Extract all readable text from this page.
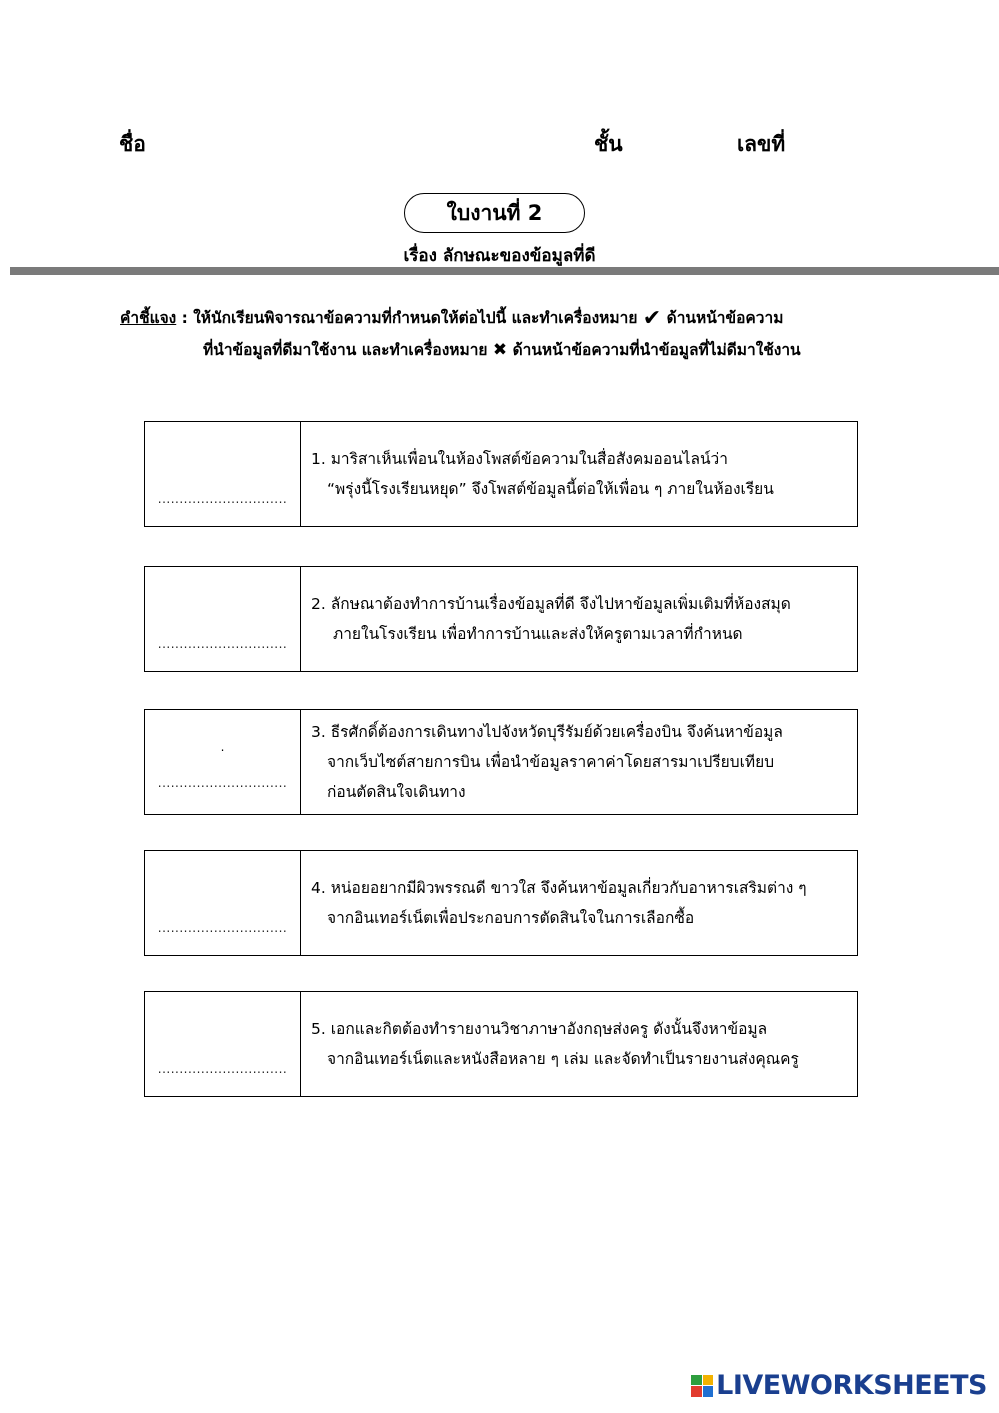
ชื่อ	ชั้น	เลขที่
ใบงานที่ 2
เรื่อง ลักษณะของข้อมูลที่ดี
คำชี้แจง : ให้นักเรียนพิจารณาข้อความที่กำหนดให้ต่อไปนี้ และทำเครื่องหมาย ✔ ด้านหน้าข้อความ
ที่นำข้อมูลที่ดีมาใช้งาน และทำเครื่องหมาย ✖ ด้านหน้าข้อความที่นำข้อมูลที่ไม่ดีมาใช้งาน
..............................
1. มาริสาเห็นเพื่อนในห้องโพสต์ข้อความในสื่อสังคมออนไลน์ว่า
“พรุ่งนี้โรงเรียนหยุด” จึงโพสต์ข้อมูลนี้ต่อให้เพื่อน ๆ ภายในห้องเรียน
..............................
2. ลักษณาต้องทำการบ้านเรื่องข้อมูลที่ดี จึงไปหาข้อมูลเพิ่มเติมที่ห้องสมุด
ภายในโรงเรียน เพื่อทำการบ้านและส่งให้ครูตามเวลาที่กำหนด
.
..............................
3. ธีรศักดิ์ต้องการเดินทางไปจังหวัดบุรีรัมย์ด้วยเครื่องบิน จึงค้นหาข้อมูล
จากเว็บไซต์สายการบิน เพื่อนำข้อมูลราคาค่าโดยสารมาเปรียบเทียบ
ก่อนตัดสินใจเดินทาง
..............................
4. หน่อยอยากมีผิวพรรณดี ขาวใส จึงค้นหาข้อมูลเกี่ยวกับอาหารเสริมต่าง ๆ
จากอินเทอร์เน็ตเพื่อประกอบการตัดสินใจในการเลือกซื้อ
..............................
5. เอกและกิตต้องทำรายงานวิชาภาษาอังกฤษส่งครู ดังนั้นจึงหาข้อมูล
จากอินเทอร์เน็ตและหนังสือหลาย ๆ เล่ม และจัดทำเป็นรายงานส่งคุณครู
LIVEWORKSHEETS
